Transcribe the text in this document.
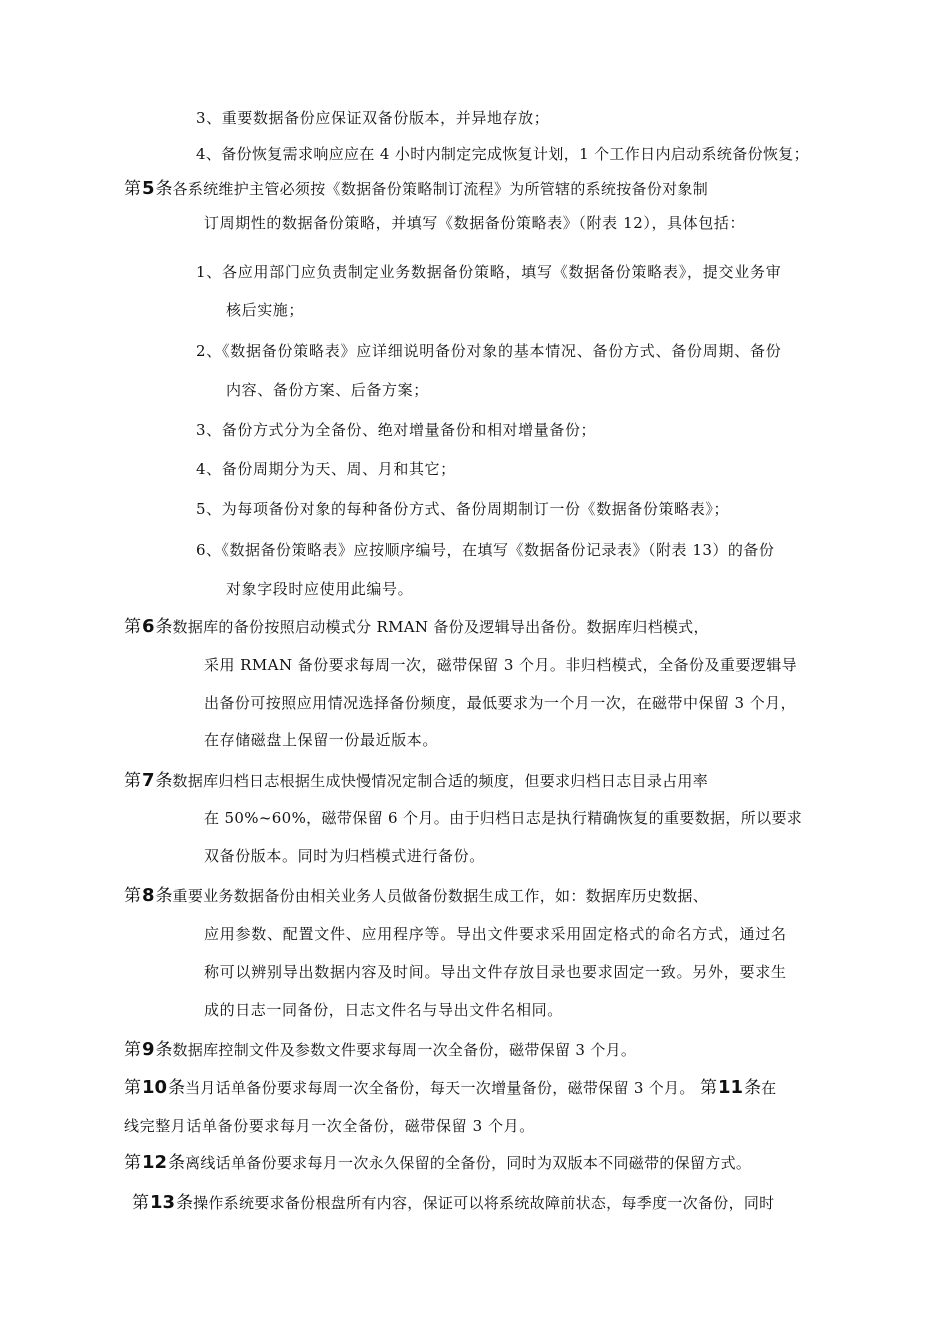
3、重要数据备份应保证双备份版本，并异地存放；
4、备份恢复需求响应应在 4 小时内制定完成恢复计划，1 个工作日内启动系统备份恢复；
第5条各系统维护主管必须按《数据备份策略制订流程》为所管辖的系统按备份对象制
订周期性的数据备份策略，并填写《数据备份策略表》（附表 12），具体包括：
1、各应用部门应负责制定业务数据备份策略，填写《数据备份策略表》，提交业务审
核后实施；
2、《数据备份策略表》应详细说明备份对象的基本情况、备份方式、备份周期、备份
内容、备份方案、后备方案；
3、备份方式分为全备份、绝对增量备份和相对增量备份；
4、备份周期分为天、周、月和其它；
5、为每项备份对象的每种备份方式、备份周期制订一份《数据备份策略表》；
6、《数据备份策略表》应按顺序编号，在填写《数据备份记录表》（附表 13）的备份
对象字段时应使用此编号。
第6条数据库的备份按照启动模式分 RMAN 备份及逻辑导出备份。数据库归档模式，
采用 RMAN 备份要求每周一次，磁带保留 3 个月。非归档模式，全备份及重要逻辑导
出备份可按照应用情况选择备份频度，最低要求为一个月一次，在磁带中保留 3 个月，
在存储磁盘上保留一份最近版本。
第7条数据库归档日志根据生成快慢情况定制合适的频度，但要求归档日志目录占用率
在 50%~60%，磁带保留 6 个月。由于归档日志是执行精确恢复的重要数据，所以要求
双备份版本。同时为归档模式进行备份。
第8条重要业务数据备份由相关业务人员做备份数据生成工作，如：数据库历史数据、
应用参数、配置文件、应用程序等。导出文件要求采用固定格式的命名方式，通过名
称可以辨别导出数据内容及时间。导出文件存放目录也要求固定一致。另外，要求生
成的日志一同备份，日志文件名与导出文件名相同。
第9条数据库控制文件及参数文件要求每周一次全备份，磁带保留 3 个月。
第10条当月话单备份要求每周一次全备份，每天一次增量备份，磁带保留 3 个月。 第11条在
线完整月话单备份要求每月一次全备份，磁带保留 3 个月。
第12条离线话单备份要求每月一次永久保留的全备份，同时为双版本不同磁带的保留方式。
第13条操作系统要求备份根盘所有内容，保证可以将系统故障前状态，每季度一次备份，同时
